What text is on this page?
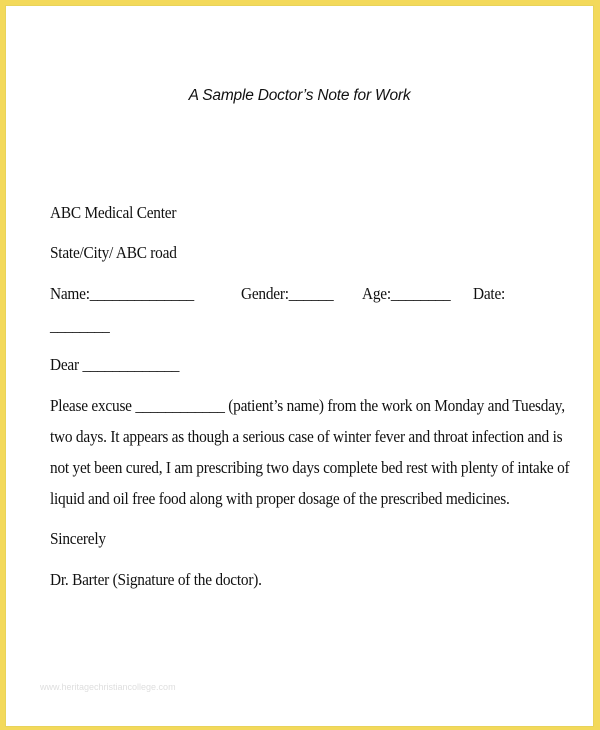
A Sample Doctor’s Note for Work
ABC Medical Center
State/City/ ABC road
Name:______________	Gender:______ Age:________ Date:
________
Dear _____________
Please excuse ____________ (patient’s name) from the work on Monday and Tuesday,
two days. It appears as though a serious case of winter fever and throat infection and is
not yet been cured, I am prescribing two days complete bed rest with plenty of intake of
liquid and oil free food along with proper dosage of the prescribed medicines.
Sincerely
Dr. Barter (Signature of the doctor).
www.heritagechristiancollege.com
